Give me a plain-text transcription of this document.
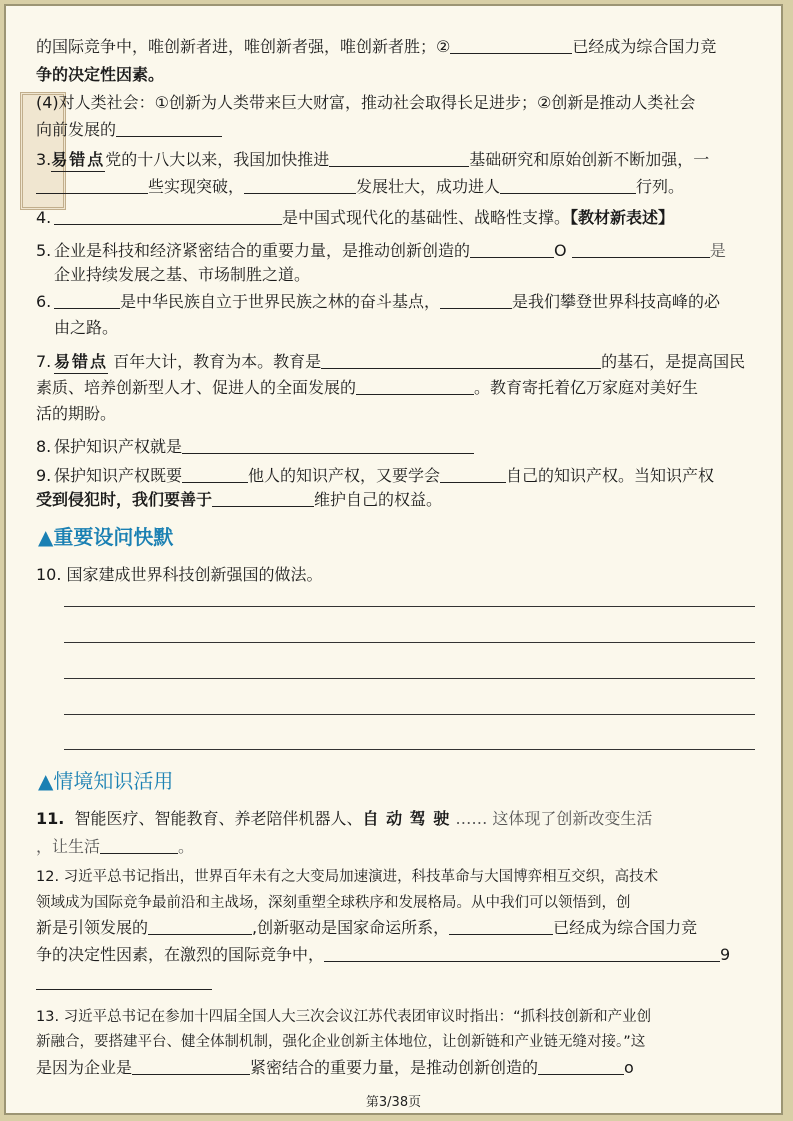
的国际竞争中，唯创新者进，唯创新者强，唯创新者胜；②	已经成为综合国力竞
争的决定性因素。
(4)对人类社会：①创新为人类带来巨大财富，推动社会取得长足进步；②创新是推动人类社会
向前发展的
3.易错点党的十八大以来，我国加快推进	基础研究和原始创新不断加强，一
些实现突破，	发展壮大，成功进人	行列。
4.	是中国式现代化的基础性、战略性支撑。【教材新表述】
5. 企业是科技和经济紧密结合的重要力量，是推动创新创造的	O	是
企业持续发展之基、市场制胜之道。
6.	是中华民族自立于世界民族之林的奋斗基点，	是我们攀登世界科技高峰的必
由之路。
7. 易错点 百年大计，教育为本。教育是	的基石，是提高国民
素质、培养创新型人才、促进人的全面发展的	。教育寄托着亿万家庭对美好生
活的期盼。
8. 保护知识产权就是
9. 保护知识产权既要	他人的知识产权，又要学会	自己的知识产权。当知识产权
受到侵犯时，我们要善于	维护自己的权益。
▲重要设问快默
10. 国家建成世界科技创新强国的做法。
▲情境知识活用
11. 智能医疗、智能教育、养老陪伴机器人、自 动 驾 驶 …… 这体现了创新改变生活
，让生活	。
12. 习近平总书记指出，世界百年未有之大变局加速演进，科技革命与大国博弈相互交织，高技术
领域成为国际竞争最前沿和主战场，深刻重塑全球秩序和发展格局。从中我们可以领悟到，创
新是引领发展的	,创新驱动是国家命运所系，	已经成为综合国力竞
争的决定性因素，在激烈的国际竞争中，	9
13. 习近平总书记在参加十四届全国人大三次会议江苏代表团审议时指出：“抓科技创新和产业创
新融合，要搭建平台、健全体制机制，强化企业创新主体地位，让创新链和产业链无缝对接。”这
是因为企业是	紧密结合的重要力量，是推动创新创造的	o
第3/38页
